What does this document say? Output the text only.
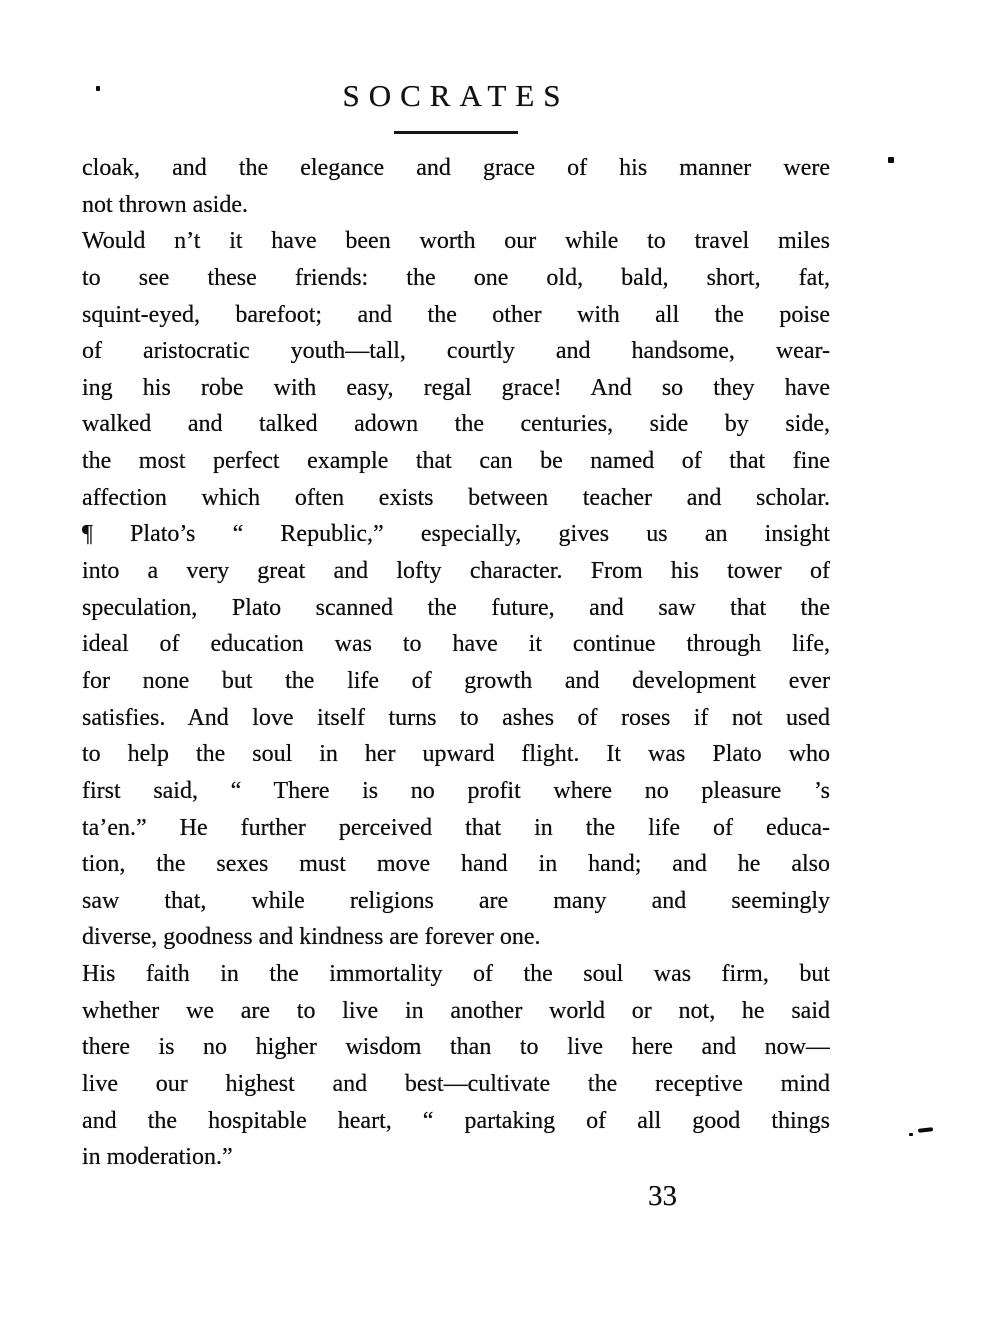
SOCRATES
cloak, and the elegance and grace of his manner were
not thrown aside.
Would n’t it have been worth our while to travel miles
to see these friends: the one old, bald, short, fat,
squint-eyed, barefoot; and the other with all the poise
of aristocratic youth—tall, courtly and handsome, wear-
ing his robe with easy, regal grace! And so they have
walked and talked adown the centuries, side by side,
the most perfect example that can be named of that fine
affection which often exists between teacher and scholar.
¶ Plato’s “ Republic,” especially, gives us an insight
into a very great and lofty character. From his tower of
speculation, Plato scanned the future, and saw that the
ideal of education was to have it continue through life,
for none but the life of growth and development ever
satisfies. And love itself turns to ashes of roses if not used
to help the soul in her upward flight. It was Plato who
first said, “ There is no profit where no pleasure ’s
ta’en.” He further perceived that in the life of educa-
tion, the sexes must move hand in hand; and he also
saw that, while religions are many and seemingly
diverse, goodness and kindness are forever one.
His faith in the immortality of the soul was firm, but
whether we are to live in another world or not, he said
there is no higher wisdom than to live here and now—
live our highest and best—cultivate the receptive mind
and the hospitable heart, “ partaking of all good things
in moderation.”
33
